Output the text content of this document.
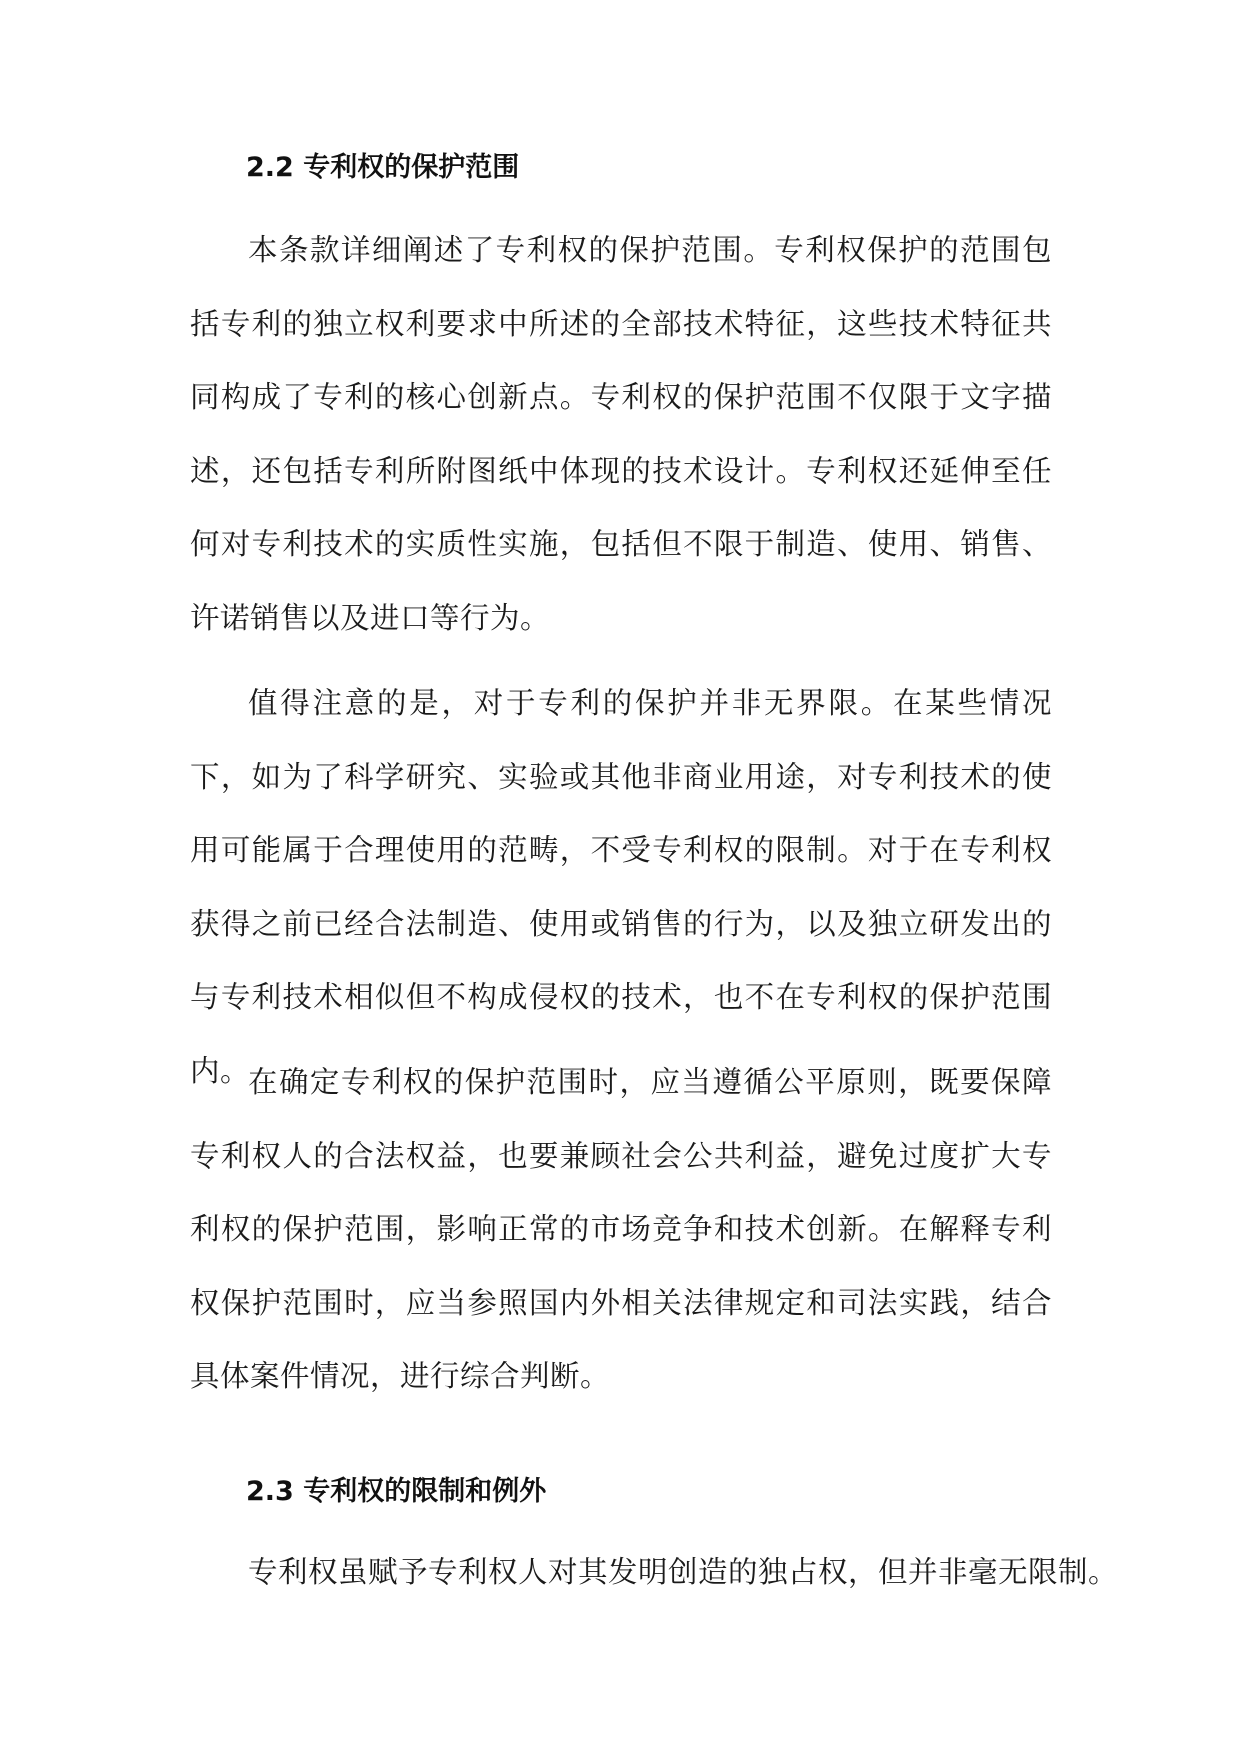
2.2 专利权的保护范围
本条款详细阐述了专利权的保护范围。专利权保护的范围包括专利的独立权利要求中所述的全部技术特征，这些技术特征共同构成了专利的核心创新点。专利权的保护范围不仅限于文字描述，还包括专利所附图纸中体现的技术设计。专利权还延伸至任何对专利技术的实质性实施，包括但不限于制造、使用、销售、许诺销售以及进口等行为。
值得注意的是，对于专利的保护并非无界限。在某些情况下，如为了科学研究、实验或其他非商业用途，对专利技术的使用可能属于合理使用的范畴，不受专利权的限制。对于在专利权获得之前已经合法制造、使用或销售的行为，以及独立研发出的与专利技术相似但不构成侵权的技术，也不在专利权的保护范围内。
在确定专利权的保护范围时，应当遵循公平原则，既要保障专利权人的合法权益，也要兼顾社会公共利益，避免过度扩大专利权的保护范围，影响正常的市场竞争和技术创新。在解释专利权保护范围时，应当参照国内外相关法律规定和司法实践，结合具体案件情况，进行综合判断。
2.3 专利权的限制和例外
专利权虽赋予专利权人对其发明创造的独占权，但并非毫无限制。
